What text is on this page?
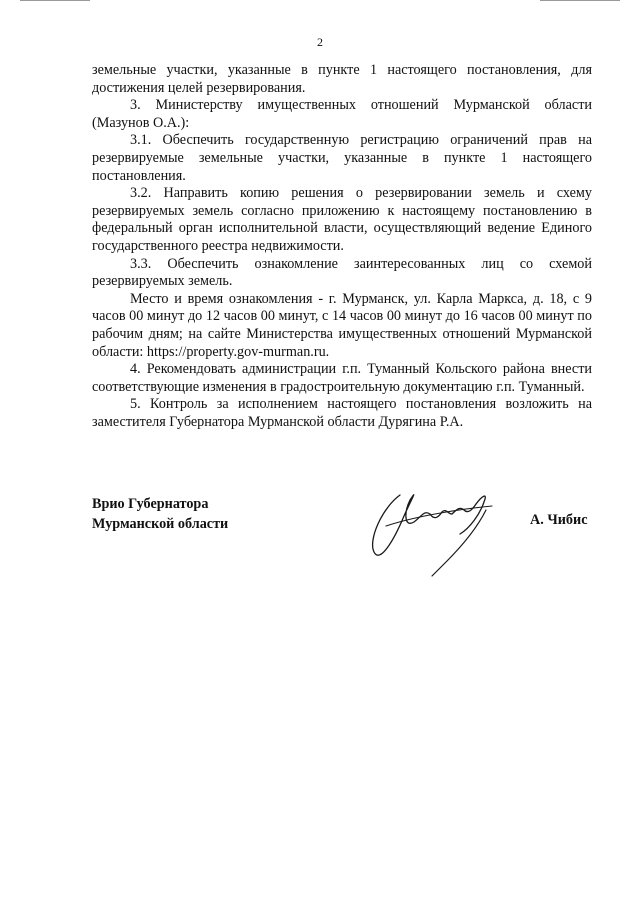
2

земельные участки, указанные в пункте 1 настоящего постановления, для достижения целей резервирования.

3. Министерству имущественных отношений Мурманской области (Мазунов О.А.):

3.1. Обеспечить государственную регистрацию ограничений прав на резервируемые земельные участки, указанные в пункте 1 настоящего постановления.

3.2. Направить копию решения о резервировании земель и схему резервируемых земель согласно приложению к настоящему постановлению в федеральный орган исполнительной власти, осуществляющий ведение Единого государственного реестра недвижимости.

3.3. Обеспечить ознакомление заинтересованных лиц со схемой резервируемых земель.

Место и время ознакомления - г. Мурманск, ул. Карла Маркса, д. 18, с 9 часов 00 минут до 12 часов 00 минут, с 14 часов 00 минут до 16 часов 00 минут по рабочим дням; на сайте Министерства имущественных отношений Мурманской области: https://property.gov-murman.ru.

4. Рекомендовать администрации г.п. Туманный Кольского района внести соответствующие изменения в градостроительную документацию г.п. Туманный.

5. Контроль за исполнением настоящего постановления возложить на заместителя Губернатора Мурманской области Дурягина Р.А.

Врио Губернатора
Мурманской области	А. Чибис
